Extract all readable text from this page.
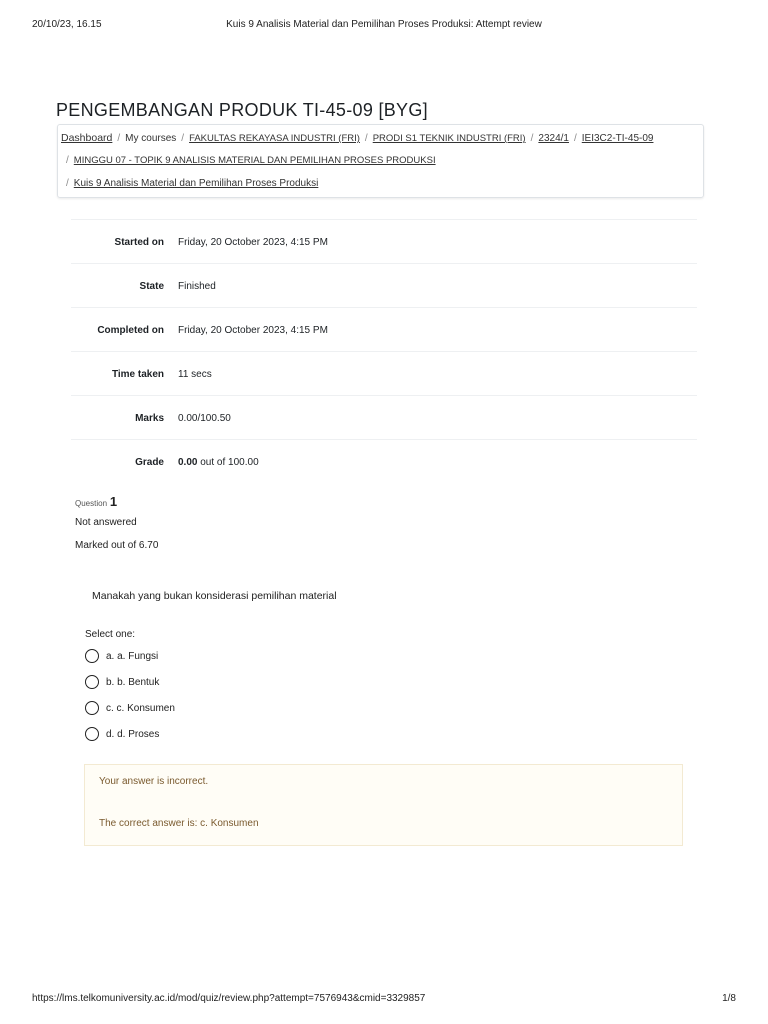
20/10/23, 16.15	Kuis 9 Analisis Material dan Pemilihan Proses Produksi: Attempt review
PENGEMBANGAN PRODUK TI-45-09 [BYG]
Dashboard / My courses / FAKULTAS REKAYASA INDUSTRI (FRI) / PRODI S1 TEKNIK INDUSTRI (FRI) / 2324/1 / IEI3C2-TI-45-09
/ MINGGU 07 - TOPIK 9 ANALISIS MATERIAL DAN PEMILIHAN PROSES PRODUKSI
/ Kuis 9 Analisis Material dan Pemilihan Proses Produksi
Started on Friday, 20 October 2023, 4:15 PM
State Finished
Completed on Friday, 20 October 2023, 4:15 PM
Time taken 11 secs
Marks 0.00/100.50
Grade 0.00 out of 100.00
Question 1
Not answered
Marked out of 6.70
Manakah yang bukan konsiderasi pemilihan material
Select one:
a. a. Fungsi
b. b. Bentuk
c. c. Konsumen
d. d. Proses
Your answer is incorrect.
The correct answer is: c. Konsumen
https://lms.telkomuniversity.ac.id/mod/quiz/review.php?attempt=7576943&cmid=3329857	1/8
